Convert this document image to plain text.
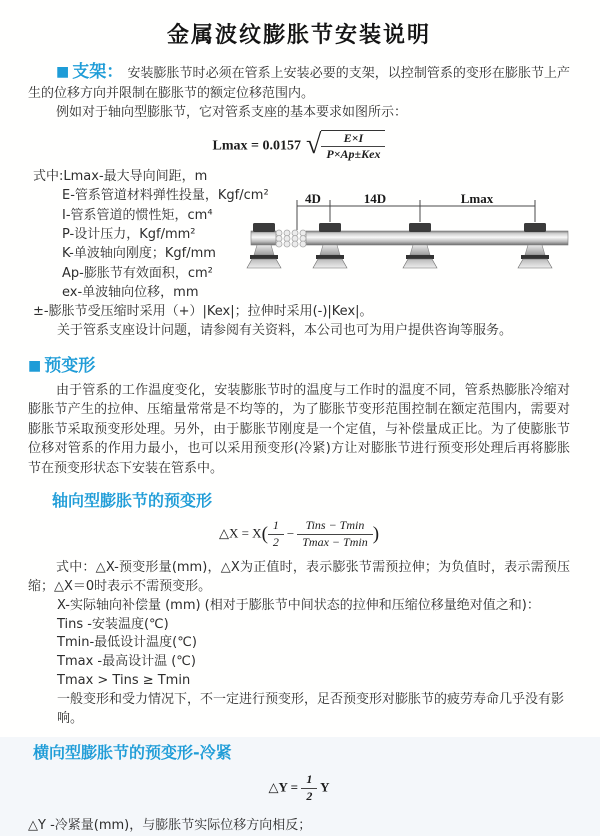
金属波纹膨胀节安装说明

■ 支架： 安装膨胀节时必须在管系上安装必要的支架，以控制管系的变形在膨胀节上产生的位移方向并限制在膨胀节的额定位移范围内。

例如对于轴向型膨胀节，它对管系支座的基本要求如图所示：

Lmax = 0.0157 √ $\frac{E\times I}{\text{P×Ap±Kex}}$
式中:Lmax-最大导向间距，m
E-管系管道材料弹性投量，Kgf/cm²
I-管系管道的惯性矩，cm⁴
P-设计压力，Kgf/mm²
K-单波轴向刚度；Kgf/mm
Ap-膨胀节有效面积，cm²
ex-单波轴向位移，mm
±-膨胀节受压缩时采用（+）|Kex|；拉伸时采用(-)|Kex|。
关于管系支座设计问题，请参阅有关资料，本公司也可为用户提供咨询等服务。
■ 预变形

由于管系的工作温度变化，安装膨胀节时的温度与工作时的温度不同，管系热膨胀冷缩对膨胀节产生的拉伸、压缩量常常是不均等的，为了膨胀节变形范围控制在额定范围内，需要对膨胀节采取预变形处理。另外，由于膨胀节刚度是一个定值，与补偿量成正比。为了使膨胀节位移对管系的作用力最小，也可以采用预变形(冷紧)方让对膨胀节进行预变形处理后再将膨胀节在预变形状态下安装在管系中。

轴向型膨胀节的预变形
△X = $X( \frac{1}{2} - \frac{\text{Tins − Tmin}}{Tmax - Tmin}$ )

式中：△X-预变形量(mm)，△X为正值时，表示膨张节需预拉伸；为负值时，表示需预压缩；△X＝0时表示不需预变形。

X-实际轴向补偿量 (mm) (相对于膨胀节中间状态的拉伸和压缩位移量绝对值之和)：
Tins -安装温度(℃)
Tmin-最低设计温度(℃)
Tmax -最高设计温 (℃)
Tmax > Tins ≥ Tmin
一般变形和受力情况下，不一定进行预变形，足否预变形对膨胀节的疲劳寿命几乎没有影响。
横向型膨胀节的预变形-冷紧
△Y = $\frac{1}{2}$ Y

△Y -冷紧量(mm)，与膨胀节实际位移方向相反；

4D	14D	Lmax
